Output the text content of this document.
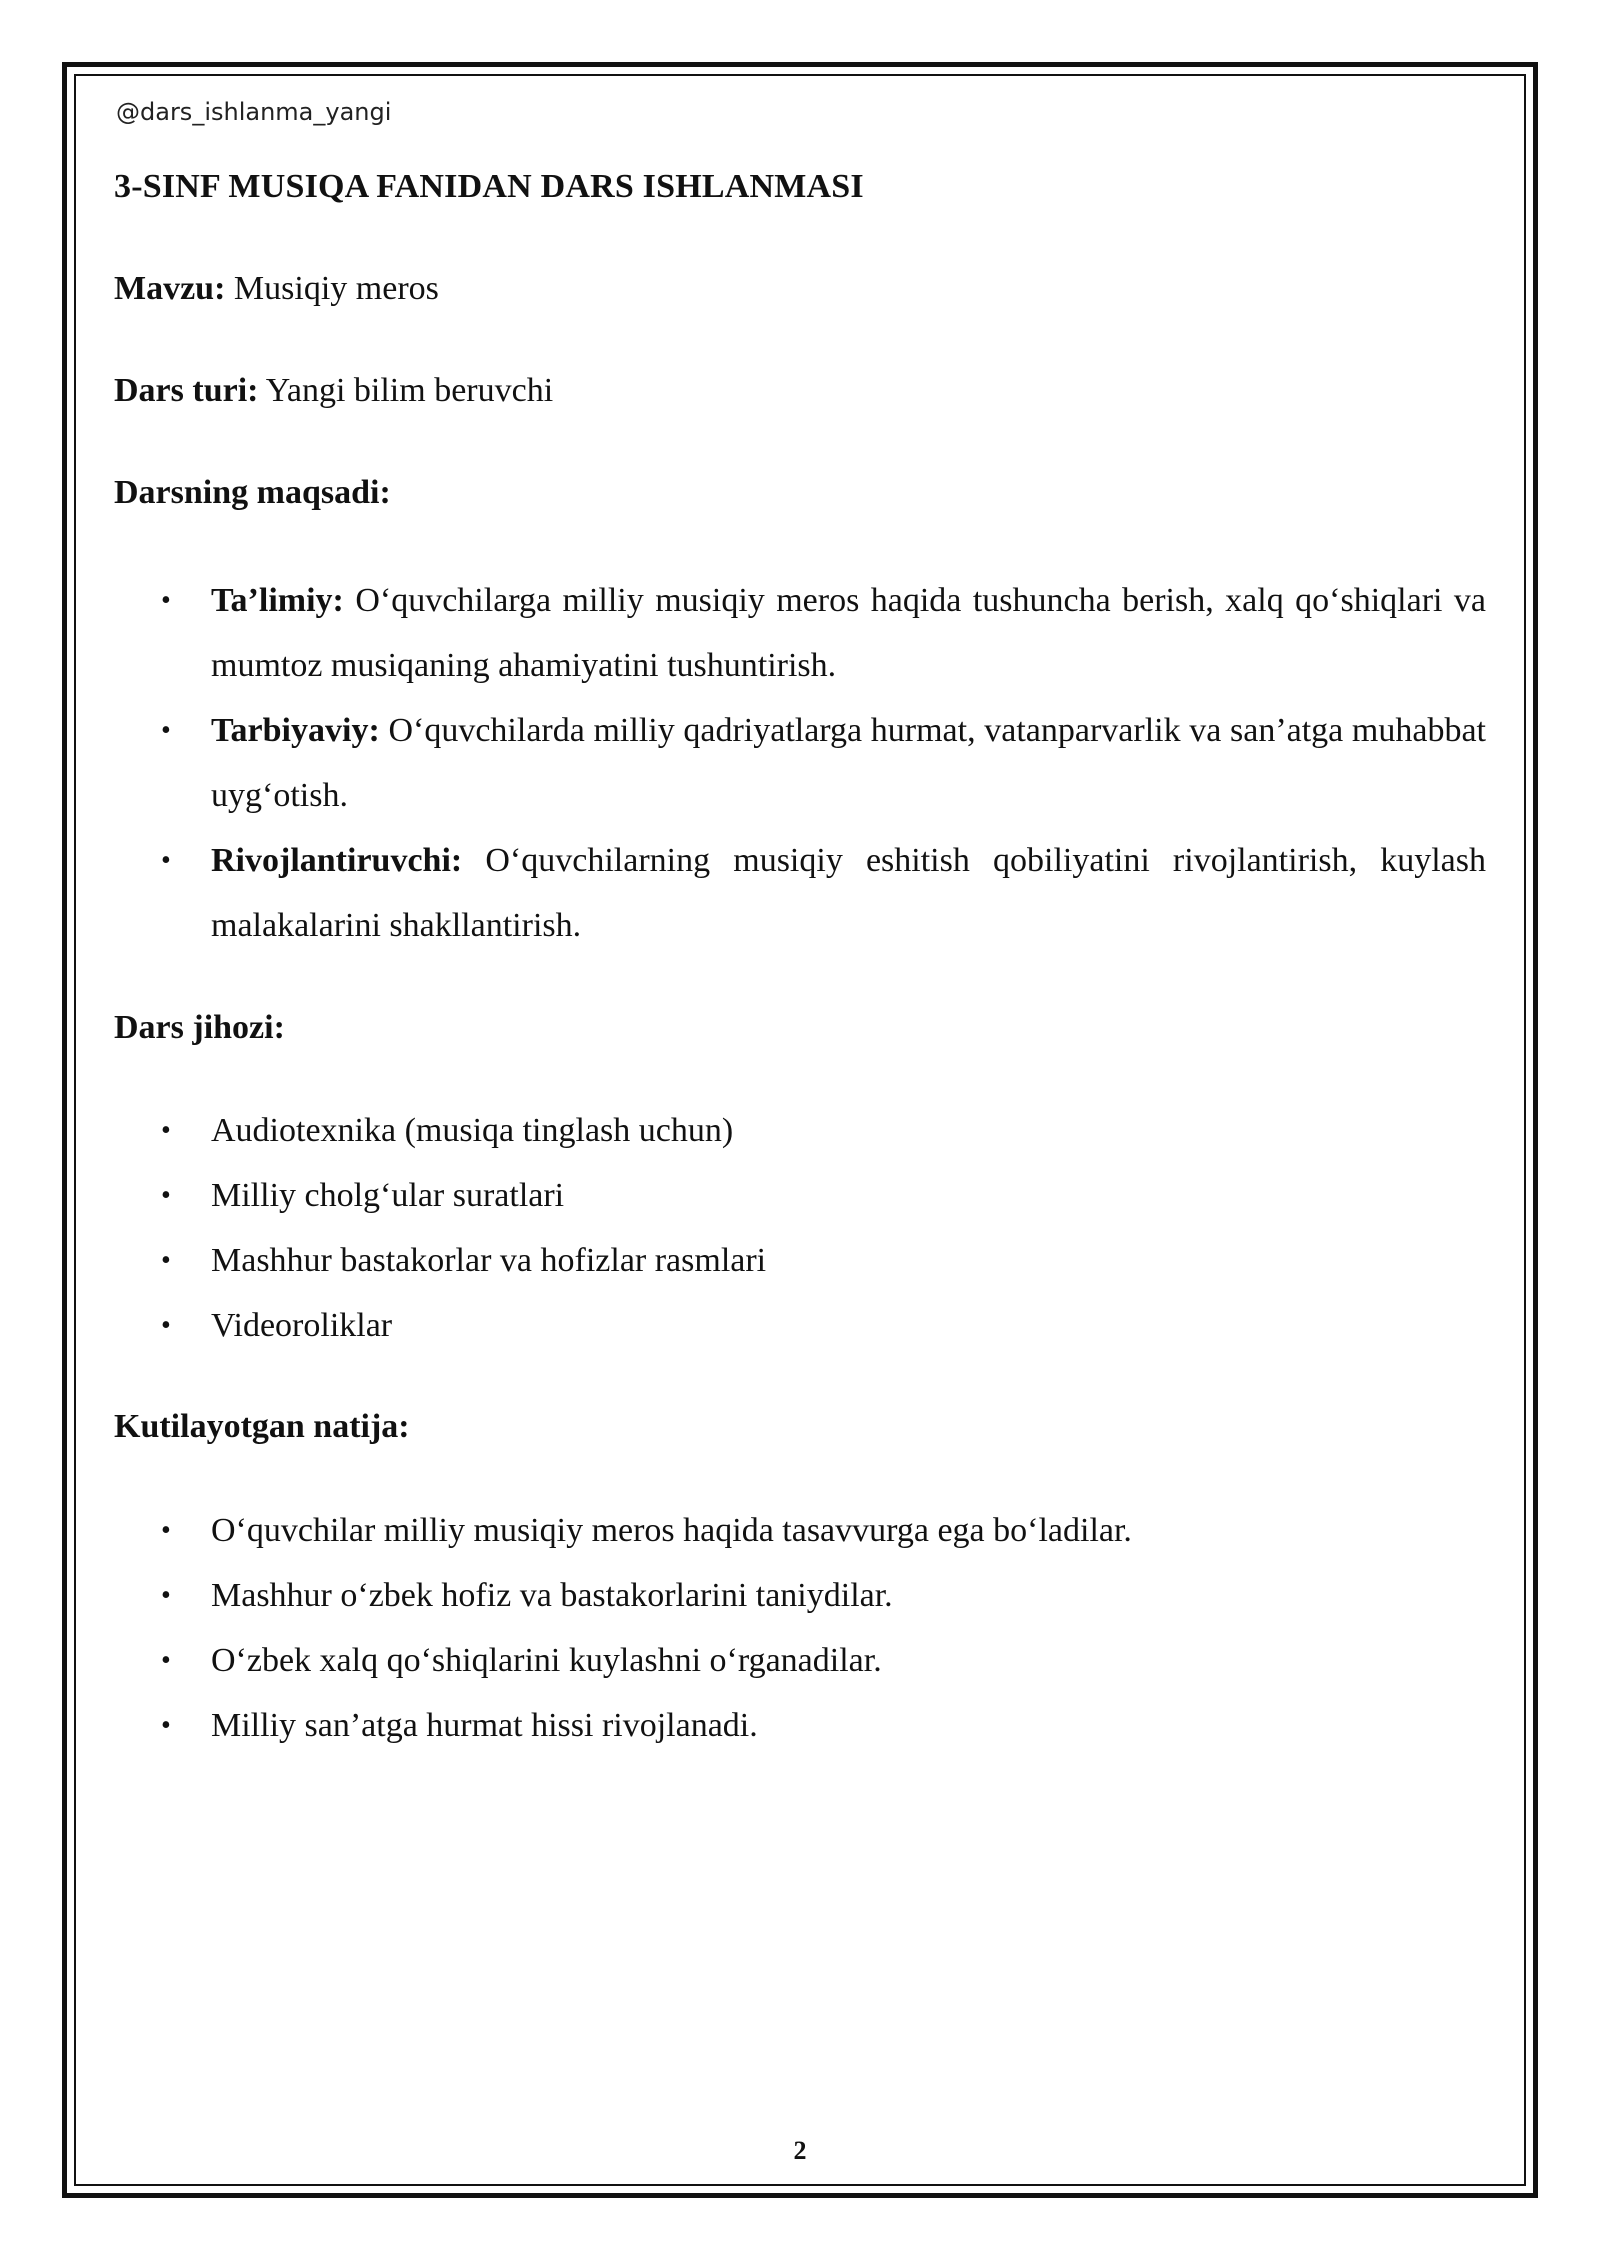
@dars_ishlanma_yangi
3-SINF MUSIQA FANIDAN DARS ISHLANMASI
Mavzu: Musiqiy meros
Dars turi: Yangi bilim beruvchi
Darsning maqsadi:
• Ta’limiy: O‘quvchilarga milliy musiqiy meros haqida tushuncha berish, xalq qo‘shiqlari va mumtoz musiqaning ahamiyatini tushuntirish.
• Tarbiyaviy: O‘quvchilarda milliy qadriyatlarga hurmat, vatanparvarlik va san’atga muhabbat uyg‘otish.
• Rivojlantiruvchi: O‘quvchilarning musiqiy eshitish qobiliyatini rivojlantirish, kuylash malakalarini shakllantirish.
Dars jihozi:
• Audiotexnika (musiqa tinglash uchun)
• Milliy cholg‘ular suratlari
• Mashhur bastakorlar va hofizlar rasmlari
• Videoroliklar
Kutilayotgan natija:
• O‘quvchilar milliy musiqiy meros haqida tasavvurga ega bo‘ladilar.
• Mashhur o‘zbek hofiz va bastakorlarini taniydilar.
• O‘zbek xalq qo‘shiqlarini kuylashni o‘rganadilar.
• Milliy san’atga hurmat hissi rivojlanadi.
2
